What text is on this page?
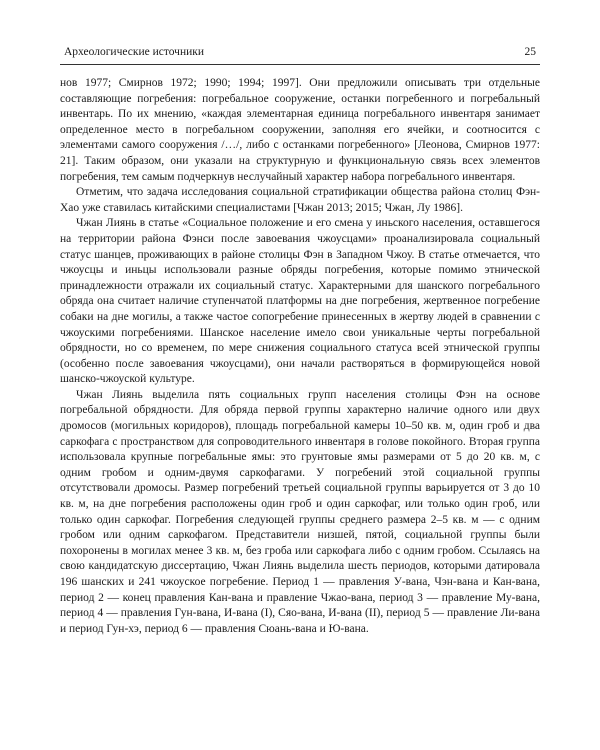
Археологические источники	25

нов 1977; Смирнов 1972; 1990; 1994; 1997]. Они предложили описывать три отдельные составляющие погребения: погребальное сооружение, останки погребенного и погребальный инвентарь. По их мнению, «каждая элементарная единица погребального инвентаря занимает определенное место в погребальном сооружении, заполняя его ячейки, и соотносится с элементами самого сооружения /…/, либо с останками погребенного» [Леонова, Смирнов 1977: 21]. Таким образом, они указали на структурную и функциональную связь всех элементов погребения, тем самым подчеркнув неслучайный характер набора погребального инвентаря.

Отметим, что задача исследования социальной стратификации общества района столиц Фэн-Хао уже ставилась китайскими специалистами [Чжан 2013; 2015; Чжан, Лу 1986].

Чжан Лиянь в статье «Социальное положение и его смена у иньского населения, оставшегося на территории района Фэнси после завоевания чжоусцами» проанализировала социальный статус шанцев, проживающих в районе столицы Фэн в Западном Чжоу. В статье отмечается, что чжоусцы и иньцы использовали разные обряды погребения, которые помимо этнической принадлежности отражали их социальный статус. Характерными для шанского погребального обряда она считает наличие ступенчатой платформы на дне погребения, жертвенное погребение собаки на дне могилы, а также частое сопогребение принесенных в жертву людей в сравнении с чжоускими погребениями. Шанское население имело свои уникальные черты погребальной обрядности, но со временем, по мере снижения социального статуса всей этнической группы (особенно после завоевания чжоусцами), они начали растворяться в формирующейся новой шанско-чжоуской культуре.

Чжан Лиянь выделила пять социальных групп населения столицы Фэн на основе погребальной обрядности. Для обряда первой группы характерно наличие одного или двух дромосов (могильных коридоров), площадь погребальной камеры 10–50 кв. м, один гроб и два саркофага с пространством для сопроводительного инвентаря в голове покойного. Вторая группа использовала крупные погребальные ямы: это грунтовые ямы размерами от 5 до 20 кв. м, с одним гробом и одним-двумя саркофагами. У погребений этой социальной группы отсутствовали дромосы. Размер погребений третьей социальной группы варьируется от 3 до 10 кв. м, на дне погребения расположены один гроб и один саркофаг, или только один гроб, или только один саркофаг. Погребения следующей группы среднего размера 2–5 кв. м — с одним гробом или одним саркофагом. Представители низшей, пятой, социальной группы были похоронены в могилах менее 3 кв. м, без гроба или саркофага либо с одним гробом. Ссылаясь на свою кандидатскую диссертацию, Чжан Лиянь выделила шесть периодов, которыми датировала 196 шанских и 241 чжоуское погребение. Период 1 — правления У-вана, Чэн-вана и Кан-вана, период 2 — конец правления Кан-вана и правление Чжао-вана, период 3 — правление Му-вана, период 4 — правления Гун-вана, И-вана (I), Сяо-вана, И-вана (II), период 5 — правление Ли-вана и период Гун-хэ, период 6 — правления Сюань-вана и Ю-вана.
